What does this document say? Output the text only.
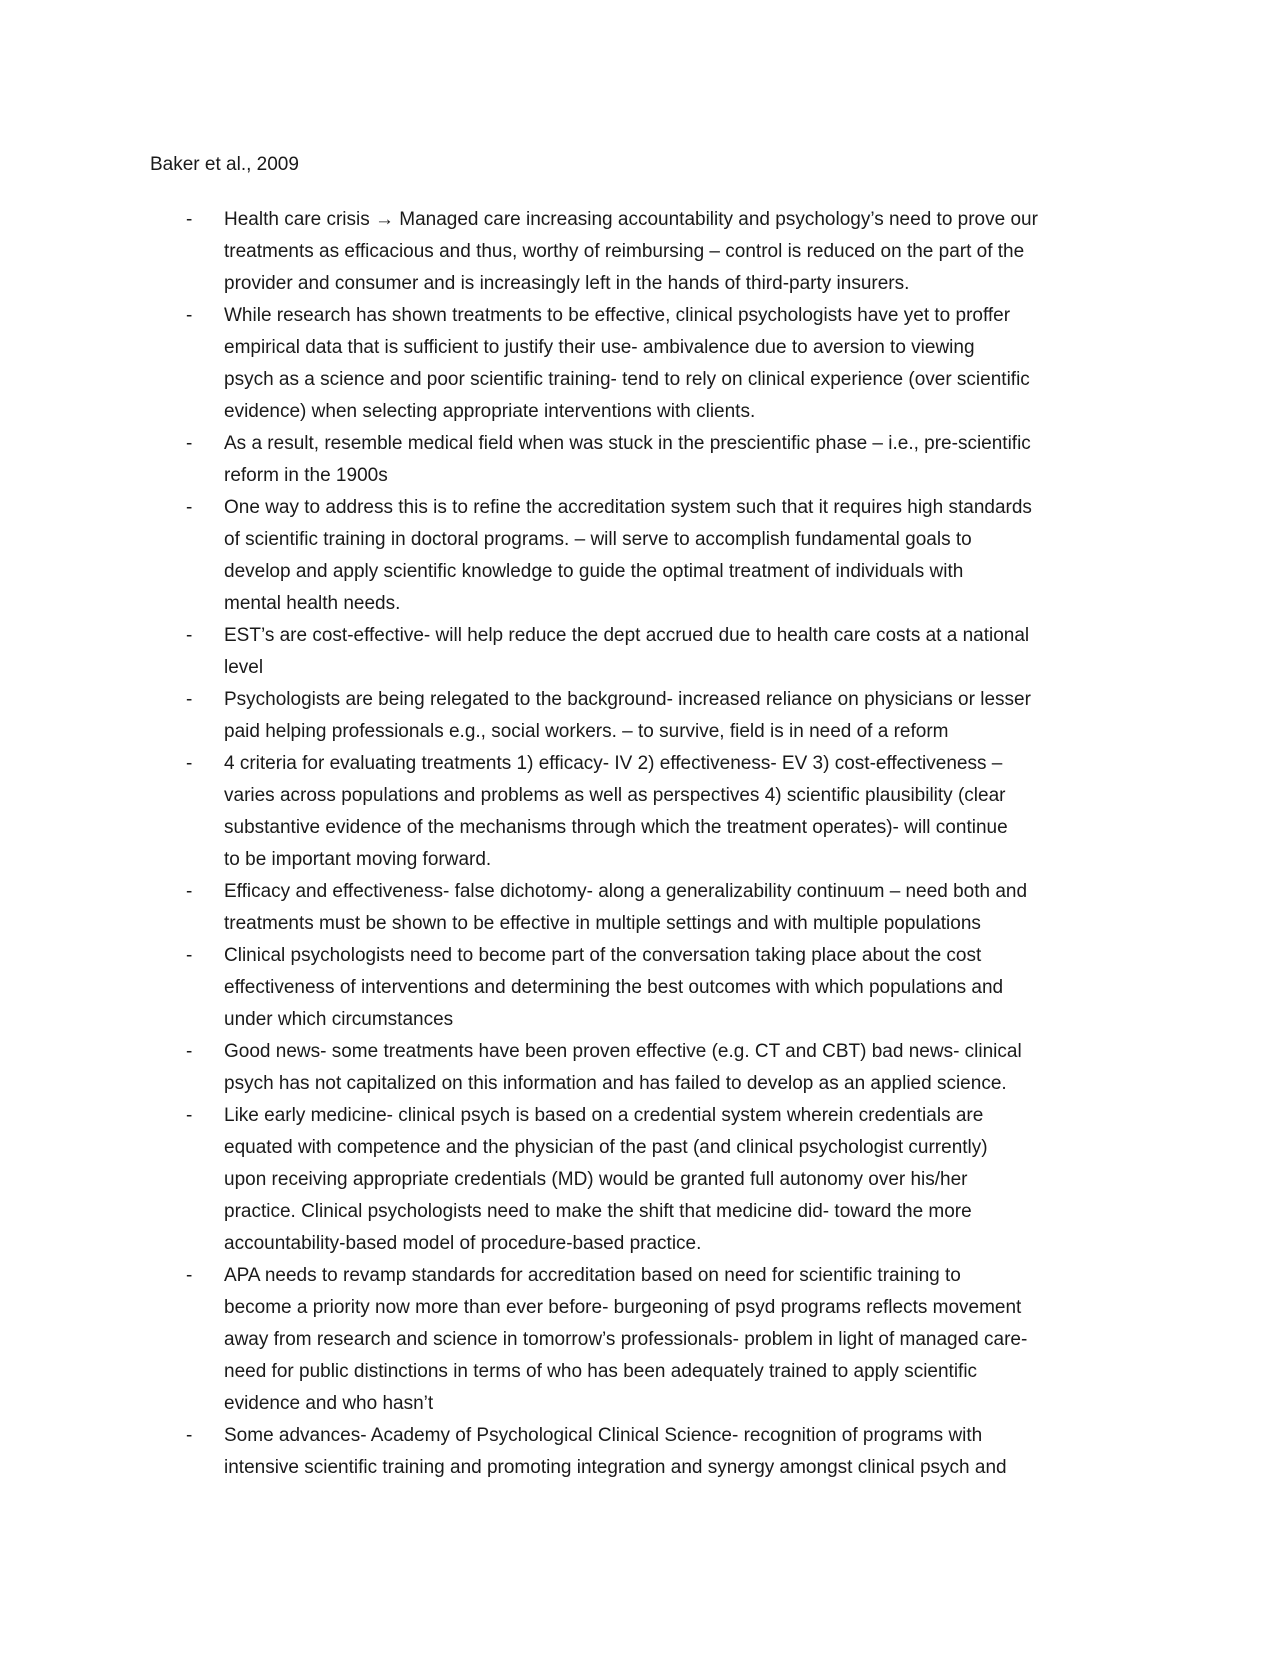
Baker et al., 2009
- Health care crisis → Managed care increasing accountability and psychology’s need to prove our
treatments as efficacious and thus, worthy of reimbursing – control is reduced on the part of the
provider and consumer and is increasingly left in the hands of third-party insurers.
- While research has shown treatments to be effective, clinical psychologists have yet to proffer
empirical data that is sufficient to justify their use- ambivalence due to aversion to viewing
psych as a science and poor scientific training- tend to rely on clinical experience (over scientific
evidence) when selecting appropriate interventions with clients.
- As a result, resemble medical field when was stuck in the prescientific phase – i.e., pre-scientific
reform in the 1900s
- One way to address this is to refine the accreditation system such that it requires high standards
of scientific training in doctoral programs. – will serve to accomplish fundamental goals to
develop and apply scientific knowledge to guide the optimal treatment of individuals with
mental health needs.
- EST’s are cost-effective- will help reduce the dept accrued due to health care costs at a national
level
- Psychologists are being relegated to the background- increased reliance on physicians or lesser
paid helping professionals e.g., social workers. – to survive, field is in need of a reform
- 4 criteria for evaluating treatments 1) efficacy- IV 2) effectiveness- EV 3) cost-effectiveness –
varies across populations and problems as well as perspectives 4) scientific plausibility (clear
substantive evidence of the mechanisms through which the treatment operates)- will continue
to be important moving forward.
- Efficacy and effectiveness- false dichotomy- along a generalizability continuum – need both and
treatments must be shown to be effective in multiple settings and with multiple populations
- Clinical psychologists need to become part of the conversation taking place about the cost
effectiveness of interventions and determining the best outcomes with which populations and
under which circumstances
- Good news- some treatments have been proven effective (e.g. CT and CBT) bad news- clinical
psych has not capitalized on this information and has failed to develop as an applied science.
- Like early medicine- clinical psych is based on a credential system wherein credentials are
equated with competence and the physician of the past (and clinical psychologist currently)
upon receiving appropriate credentials (MD) would be granted full autonomy over his/her
practice. Clinical psychologists need to make the shift that medicine did- toward the more
accountability-based model of procedure-based practice.
- APA needs to revamp standards for accreditation based on need for scientific training to
become a priority now more than ever before- burgeoning of psyd programs reflects movement
away from research and science in tomorrow’s professionals- problem in light of managed care-
need for public distinctions in terms of who has been adequately trained to apply scientific
evidence and who hasn’t
- Some advances- Academy of Psychological Clinical Science- recognition of programs with
intensive scientific training and promoting integration and synergy amongst clinical psych and
